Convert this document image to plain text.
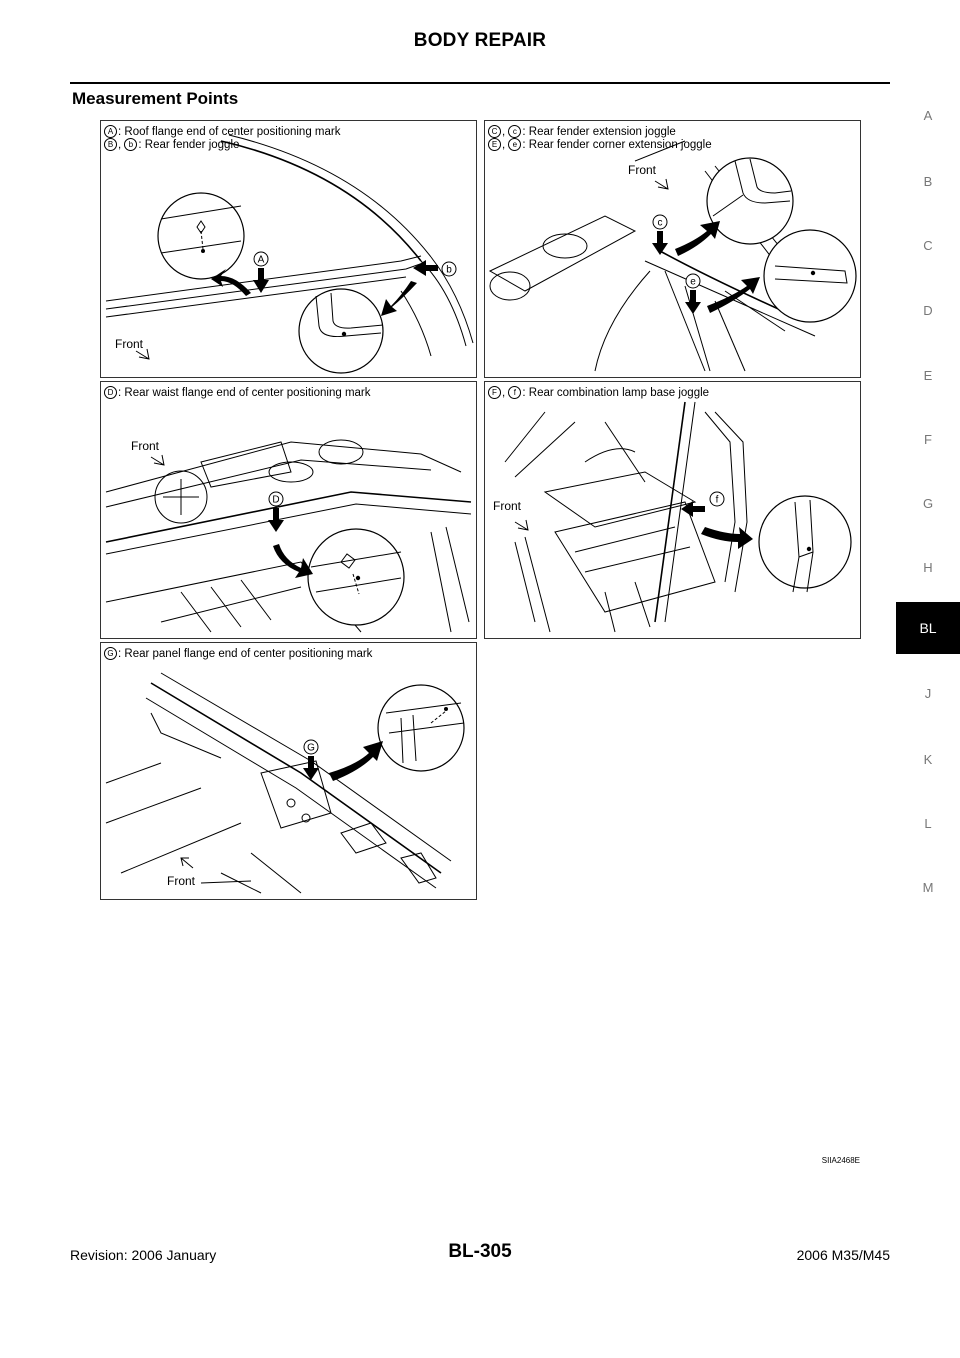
BODY REPAIR
Measurement Points
A
B
C
D
E
F
G
H
BL
J
K
L
M
A
b
A : Roof flange end of center positioning mark
B , b : Rear fender joggle
Front
c
e
C , c : Rear fender extension joggle
E , e : Rear fender corner extension joggle
Front
D
D : Rear waist flange end of center positioning mark
Front
f
F , f : Rear combination lamp base joggle
Front
G
G : Rear panel flange end of center positioning mark
Front
SIIA2468E
Revision: 2006 January	BL-305	2006 M35/M45
